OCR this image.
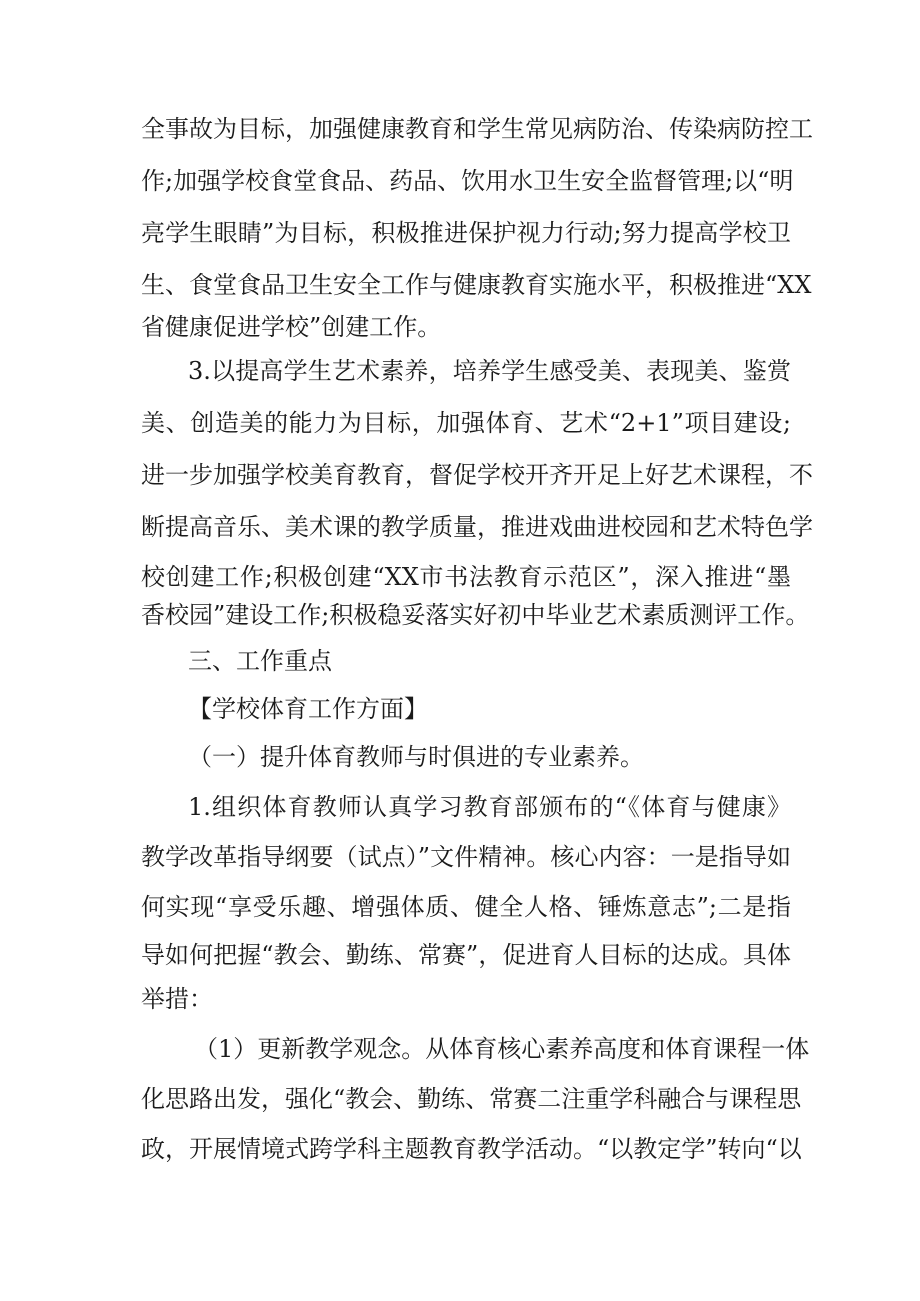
全事故为目标，加强健康教育和学生常见病防治、传染病防控工
作;加强学校食堂食品、药品、饮用水卫生安全监督管理;以“明
亮学生眼睛”为目标，积极推进保护视力行动;努力提高学校卫
生、食堂食品卫生安全工作与健康教育实施水平，积极推进“XX
省健康促进学校”创建工作。
3.以提高学生艺术素养，培养学生感受美、表现美、鉴赏
美、创造美的能力为目标，加强体育、艺术“2+1”项目建设;
进一步加强学校美育教育，督促学校开齐开足上好艺术课程，不
断提高音乐、美术课的教学质量，推进戏曲进校园和艺术特色学
校创建工作;积极创建“XX市书法教育示范区”，深入推进“墨
香校园”建设工作;积极稳妥落实好初中毕业艺术素质测评工作。
三、工作重点
【学校体育工作方面】
（一）提升体育教师与时俱进的专业素养。
1.组织体育教师认真学习教育部颁布的“《体育与健康》
教学改革指导纲要（试点）”文件精神。核心内容：一是指导如
何实现“享受乐趣、增强体质、健全人格、锤炼意志”;二是指
导如何把握“教会、勤练、常赛”，促进育人目标的达成。具体
举措：
（1）更新教学观念。从体育核心素养高度和体育课程一体
化思路出发，强化“教会、勤练、常赛二注重学科融合与课程思
政，开展情境式跨学科主题教育教学活动。“以教定学”转向“以
